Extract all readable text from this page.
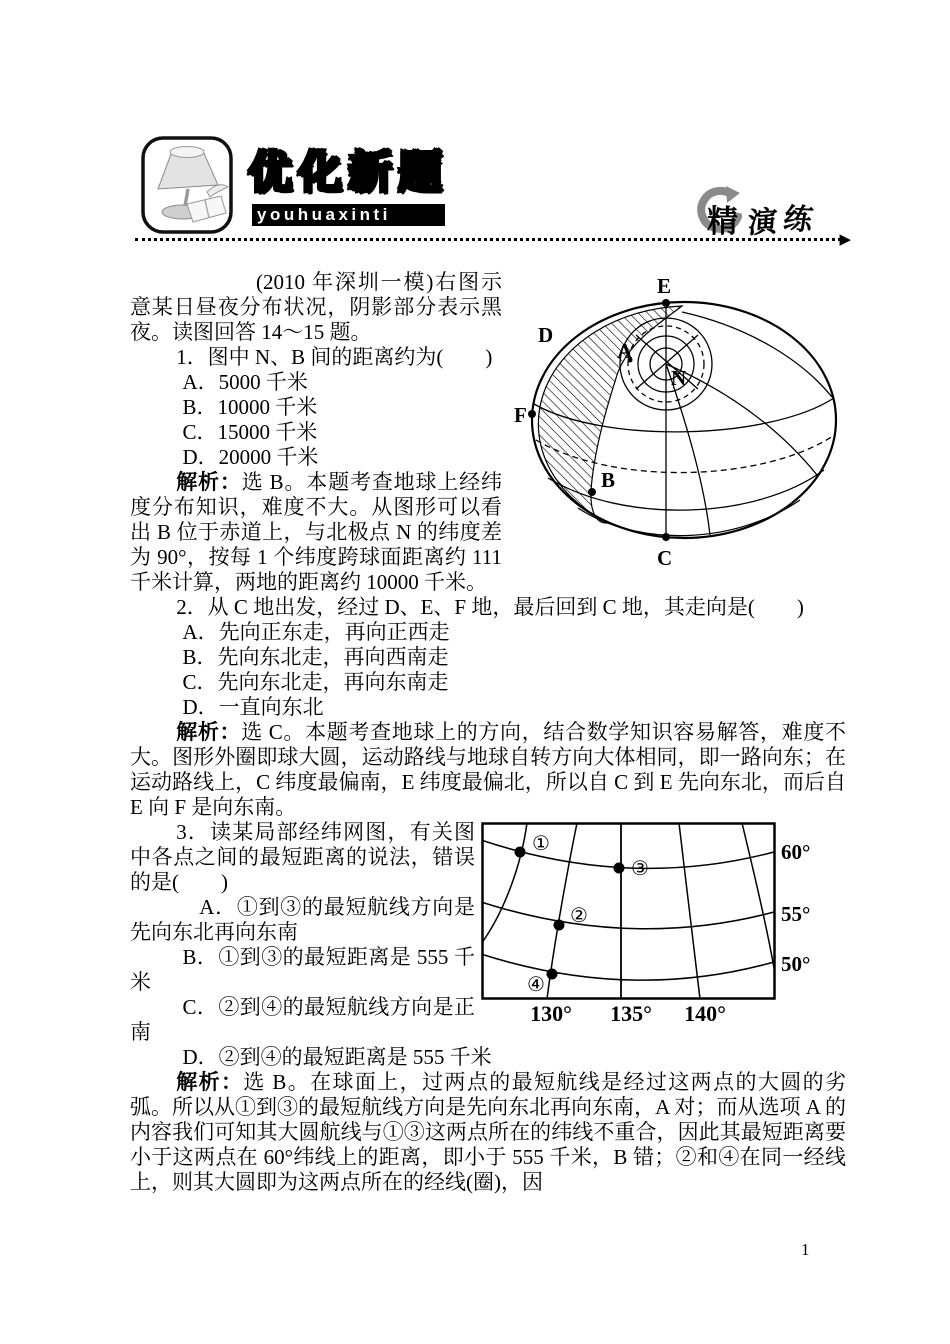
优化新题
youhuaxinti	精 演 练
▶
E
D
A
N
F
B
C

(2010 年深圳一模)右图示意某日昼夜分布状况，阴影部分表示黑夜。读图回答 14～15 题。

1．图中 N、B 间的距离约为(　　)

A．5000 千米

B．10000 千米

C．15000 千米

D．20000 千米

解析：选 B。本题考查地球上经纬度分布知识，难度不大。从图形可以看出 B 位于赤道上，与北极点 N 的纬度差为 90°，按每 1 个纬度跨球面距离约 111 千米计算，两地的距离约 10000 千米。

2．从 C 地出发，经过 D、E、F 地，最后回到 C 地，其走向是(　　)

A．先向正东走，再向正西走

B．先向东北走，再向西南走

C．先向东北走，再向东南走

D．一直向东北

解析：选 C。本题考查地球上的方向，结合数学知识容易解答，难度不大。图形外圈即球大圆，运动路线与地球自转方向大体相同，即一路向东；在运动路线上，C 纬度最偏南，E 纬度最偏北，所以自 C 到 E 先向东北，而后自 E 向 F 是向东南。

①
②
③
④
60°
55°
50°
130° 135° 140°

3．读某局部经纬网图，有关图中各点之间的最短距离的说法，错误的是(　　)

A．①到③的最短航线方向是先向东北再向东南

B．①到③的最短距离是 555 千米

C．②到④的最短航线方向是正南

D．②到④的最短距离是 555 千米

解析：选 B。在球面上，过两点的最短航线是经过这两点的大圆的劣弧。所以从①到③的最短航线方向是先向东北再向东南，A 对；而从选项 A 的内容我们可知其大圆航线与①③这两点所在的纬线不重合，因此其最短距离要小于这两点在 60°纬线上的距离，即小于 555 千米，B 错；②和④在同一经线上，则其大圆即为这两点所在的经线(圈)，因

1
